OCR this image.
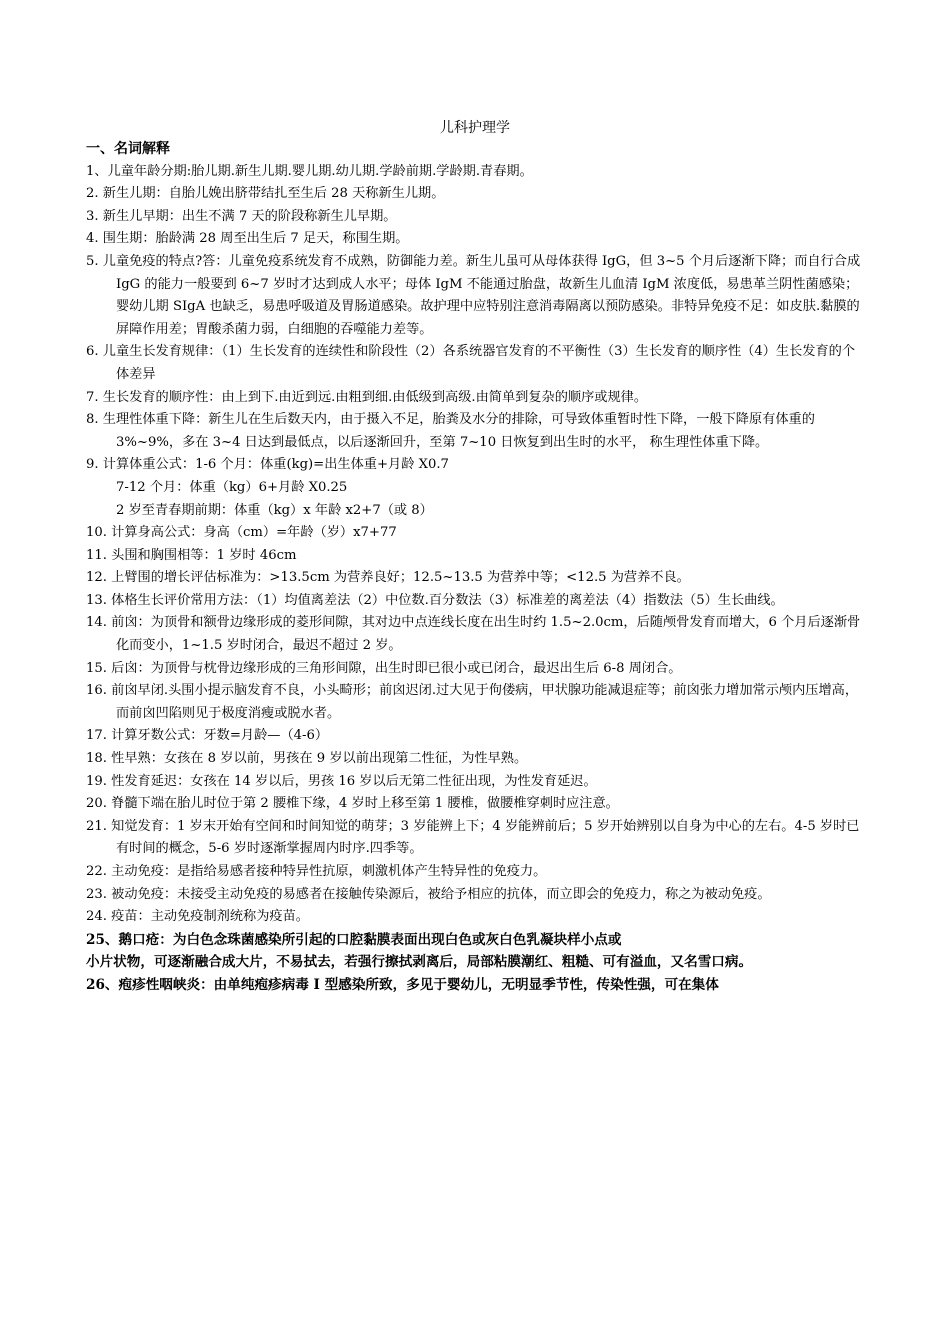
儿科护理学
一、名词解释
1、儿童年龄分期:胎儿期.新生儿期.婴儿期.幼儿期.学龄前期.学龄期.青春期。
2. 新生儿期：自胎儿娩出脐带结扎至生后 28 天称新生儿期。
3. 新生儿早期：出生不满 7 天的阶段称新生儿早期。
4. 围生期：胎龄满 28 周至出生后 7 足天，称围生期。
5. 儿童免疫的特点?答：儿童免疫系统发育不成熟，防御能力差。新生儿虽可从母体获得 IgG，但 3~5 个月后逐渐下降；而自行合成 IgG 的能力一般要到 6~7 岁时才达到成人水平；母体 IgM 不能通过胎盘，故新生儿血清 IgM 浓度低，易患革兰阴性菌感染；婴幼儿期 SIgA 也缺乏，易患呼吸道及胃肠道感染。故护理中应特别注意消毒隔离以预防感染。非特异免疫不足：如皮肤.黏膜的屏障作用差；胃酸杀菌力弱，白细胞的吞噬能力差等。
6. 儿童生长发育规律：（1）生长发育的连续性和阶段性（2）各系统器官发育的不平衡性（3）生长发育的顺序性（4）生长发育的个体差异
7. 生长发育的顺序性：由上到下.由近到远.由粗到细.由低级到高级.由简单到复杂的顺序或规律。
8. 生理性体重下降：新生儿在生后数天内，由于摄入不足，胎粪及水分的排除，可导致体重暂时性下降，一般下降原有体重的 3%~9%，多在 3~4 日达到最低点，以后逐渐回升，至第 7~10 日恢复到出生时的水平， 称生理性体重下降。
9. 计算体重公式：1-6 个月：体重(kg)=出生体重+月龄 X0.7
7-12 个月：体重（kg）6+月龄 X0.25
2 岁至青春期前期：体重（kg）x 年龄 x2+7（或 8）
10. 计算身高公式：身高（cm）=年龄（岁）x7+77
11. 头围和胸围相等：1 岁时 46cm
12. 上臂围的增长评估标准为：>13.5cm 为营养良好；12.5~13.5 为营养中等；<12.5 为营养不良。
13. 体格生长评价常用方法：（1）均值离差法（2）中位数.百分数法（3）标准差的离差法（4）指数法（5）生长曲线。
14. 前囟：为顶骨和额骨边缘形成的菱形间隙，其对边中点连线长度在出生时约 1.5~2.0cm，后随颅骨发育而增大，6 个月后逐渐骨化而变小，1~1.5 岁时闭合，最迟不超过 2 岁。
15. 后囟：为顶骨与枕骨边缘形成的三角形间隙，出生时即已很小或已闭合，最迟出生后 6-8 周闭合。
16. 前囟早闭.头围小提示脑发育不良，小头畸形；前囟迟闭.过大见于佝偻病，甲状腺功能减退症等；前囟张力增加常示颅内压增高，而前囟凹陷则见于极度消瘦或脱水者。
17. 计算牙数公式：牙数=月龄—（4-6）
18. 性早熟：女孩在 8 岁以前，男孩在 9 岁以前出现第二性征，为性早熟。
19. 性发育延迟：女孩在 14 岁以后，男孩 16 岁以后无第二性征出现，为性发育延迟。
20. 脊髓下端在胎儿时位于第 2 腰椎下缘，4 岁时上移至第 1 腰椎，做腰椎穿刺时应注意。
21. 知觉发育：1 岁末开始有空间和时间知觉的萌芽；3 岁能辨上下；4 岁能辨前后；5 岁开始辨别以自身为中心的左右。4-5 岁时已有时间的概念，5-6 岁时逐渐掌握周内时序.四季等。
22. 主动免疫：是指给易感者接种特异性抗原，刺激机体产生特异性的免疫力。
23. 被动免疫：未接受主动免疫的易感者在接触传染源后，被给予相应的抗体，而立即会的免疫力，称之为被动免疫。
24. 疫苗：主动免疫制剂统称为疫苗。
25、鹅口疮：为白色念珠菌感染所引起的口腔黏膜表面出现白色或灰白色乳凝块样小点或
小片状物，可逐渐融合成大片，不易拭去，若强行擦拭剥离后，局部粘膜潮红、粗糙、可有溢血，又名雪口病。
26、疱疹性咽峡炎：由单纯疱疹病毒 I 型感染所致，多见于婴幼儿，无明显季节性，传染性强，可在集体
